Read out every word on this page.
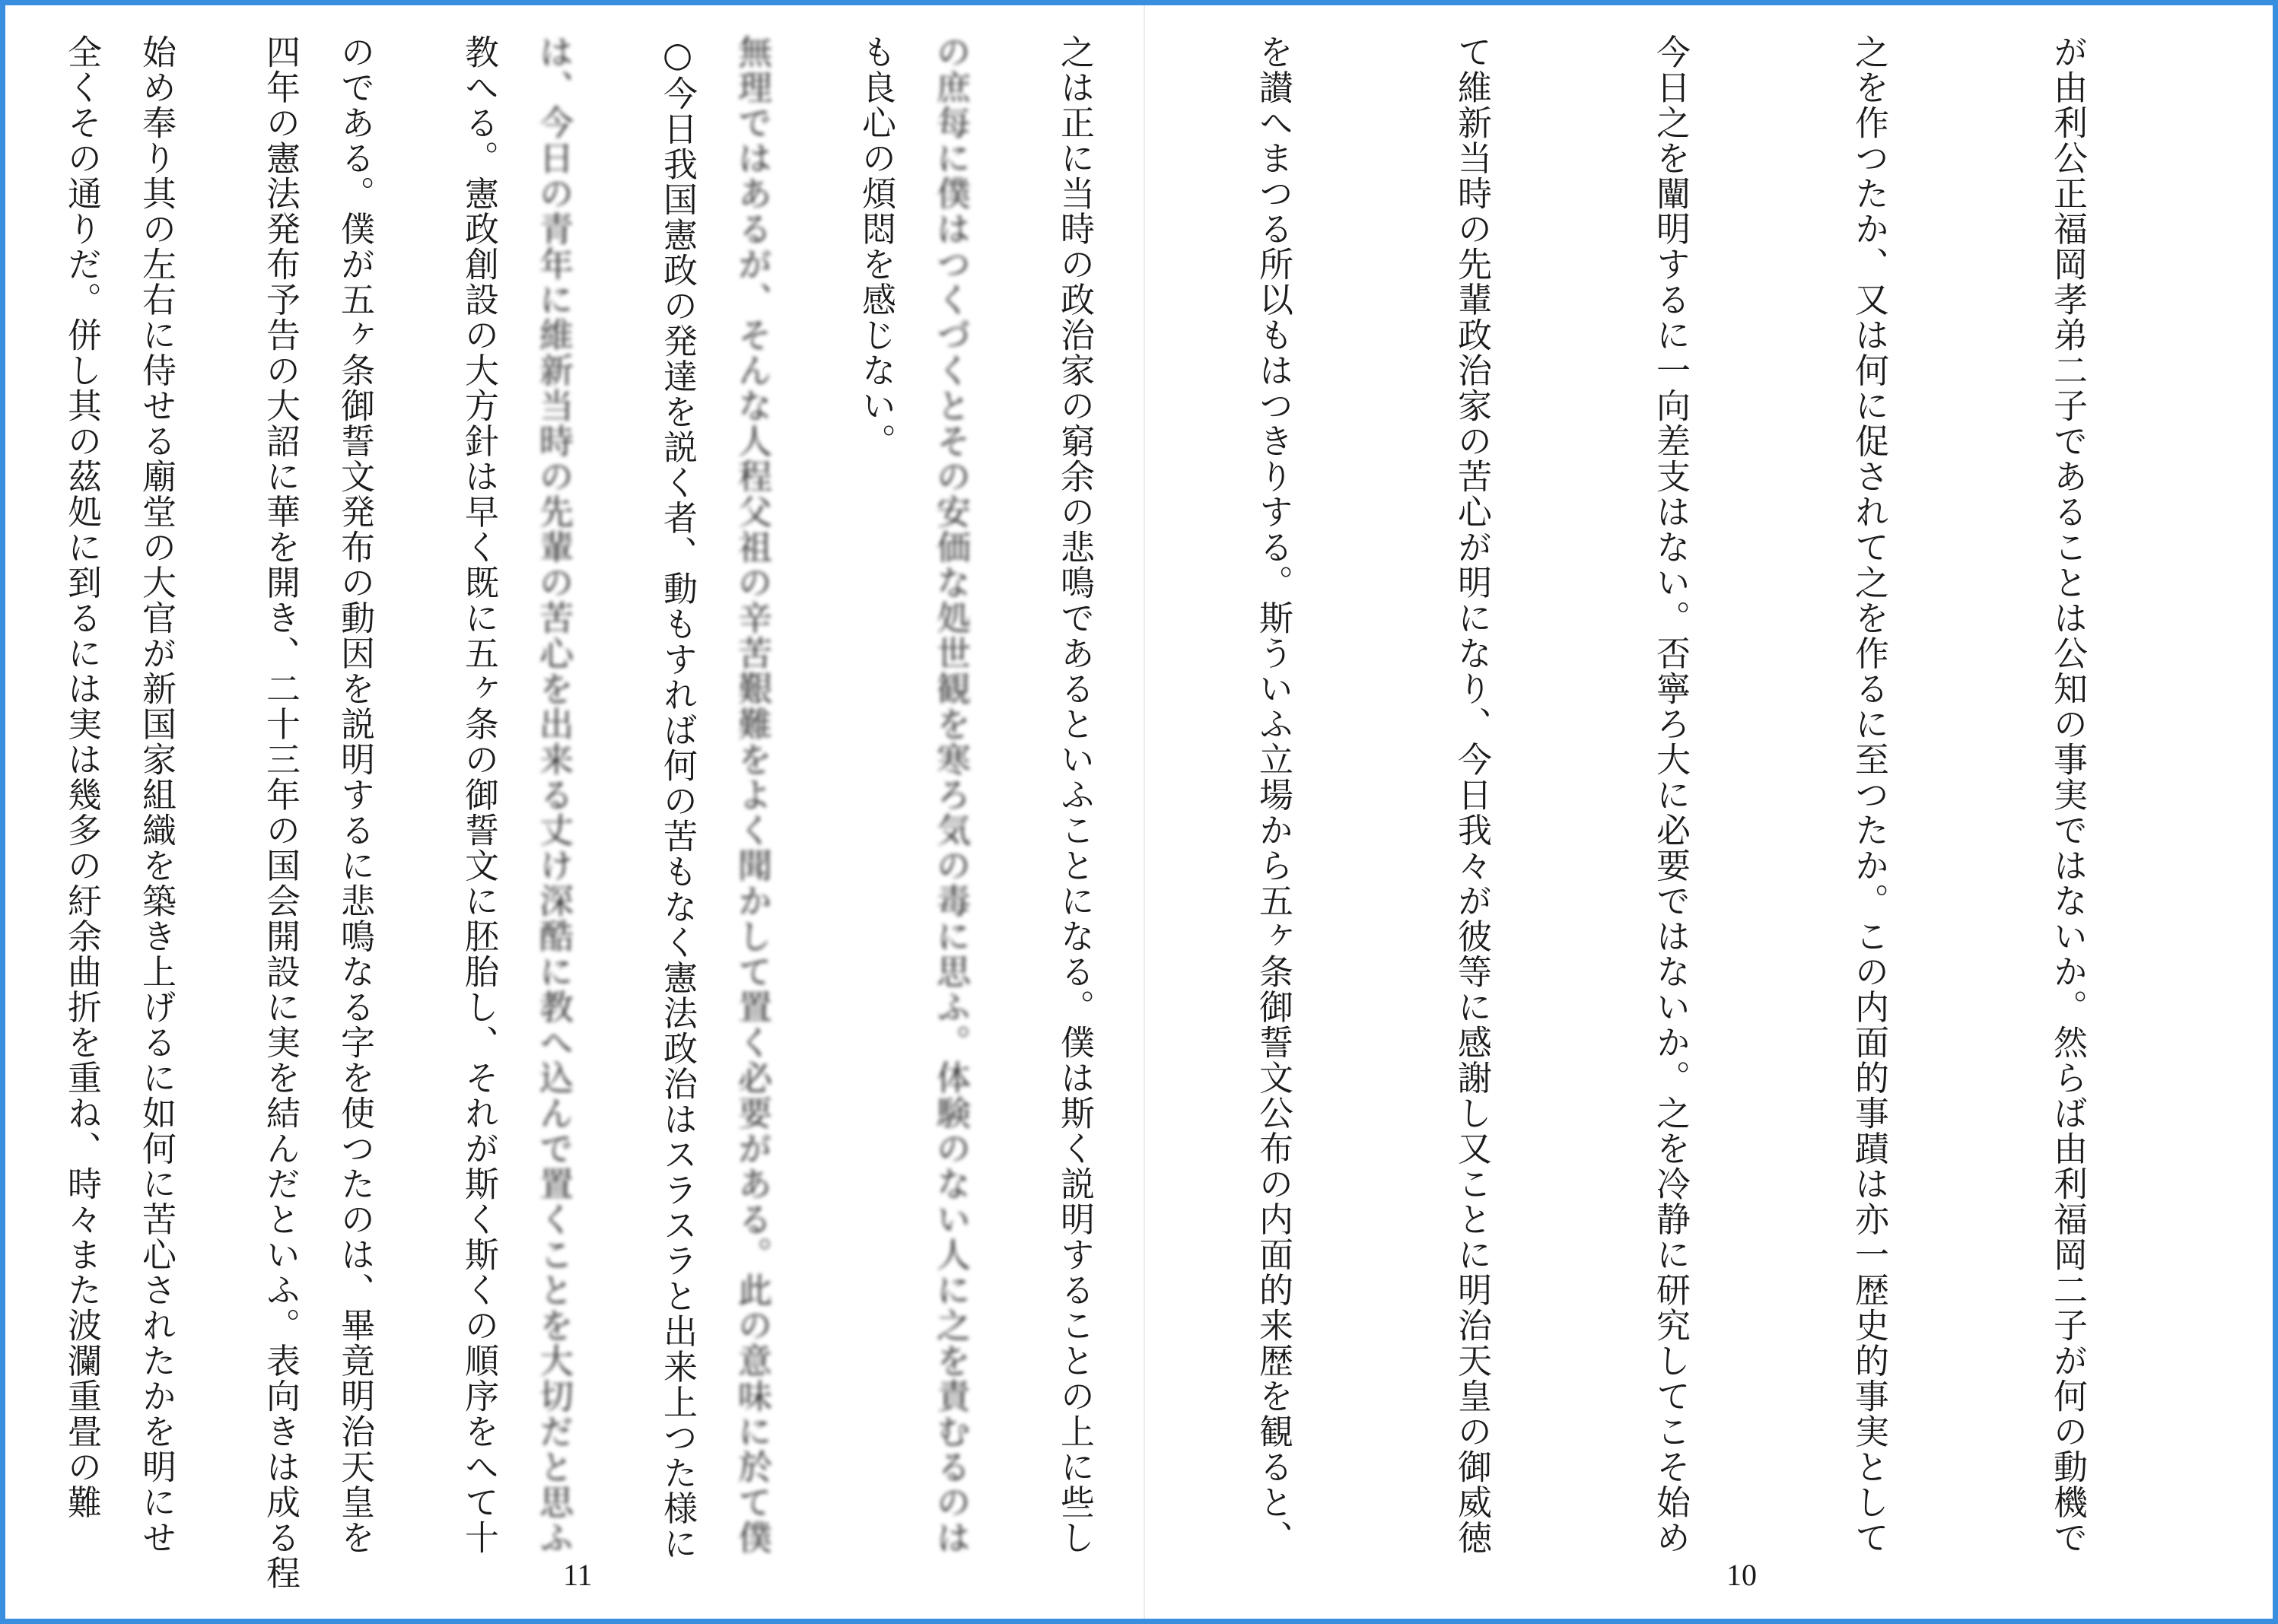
が由利公正福岡孝弟二子であることは公知の事実ではないか。然らば由利福岡二子が何の動機で

之を作つたか、又は何に促されて之を作るに至つたか。この内面的事蹟は亦一歴史的事実として

今日之を闡明するに一向差支はない。否寧ろ大に必要ではないか。之を冷静に研究してこそ始め

て維新当時の先輩政治家の苦心が明になり、今日我々が彼等に感謝し又ことに明治天皇の御威徳

を讃へまつる所以もはつきりする。斯ういふ立場から五ヶ条御誓文公布の内面的来歴を観ると、

之は正に当時の政治家の窮余の悲鳴であるといふことになる。僕は斯く説明することの上に些し

も良心の煩悶を感じない。

○今日我国憲政の発達を説く者、動もすれば何の苦もなく憲法政治はスラスラと出来上つた様に

教へる。憲政創設の大方針は早く既に五ヶ条の御誓文に胚胎し、それが斯く斯くの順序をへて十

四年の憲法発布予告の大詔に華を開き、二十三年の国会開設に実を結んだといふ。表向きは成る程

全くその通りだ。併し其の茲処に到るには実は幾多の紆余曲折を重ね、時々また波瀾重畳の難

	の庶每に僕はつくづくとその安価な処世観を寒ろ気の毒に思ふ。体験のない人に之を責むるのは

無理ではあるが、そんな人程父祖の辛苦艱難をよく聞かして置く必要がある。此の意味に於て僕

は、今日の青年に維新当時の先輩の苦心を出来る丈け深酷に教へ込んで置くことを大切だと思ふ

のである。僕が五ヶ条御誓文発布の動因を説明するに悲鳴なる字を使つたのは、畢竟明治天皇を

始め奉り其の左右に侍せる廟堂の大官が新国家組織を築き上げるに如何に苦心されたかを明にせ

11	10
